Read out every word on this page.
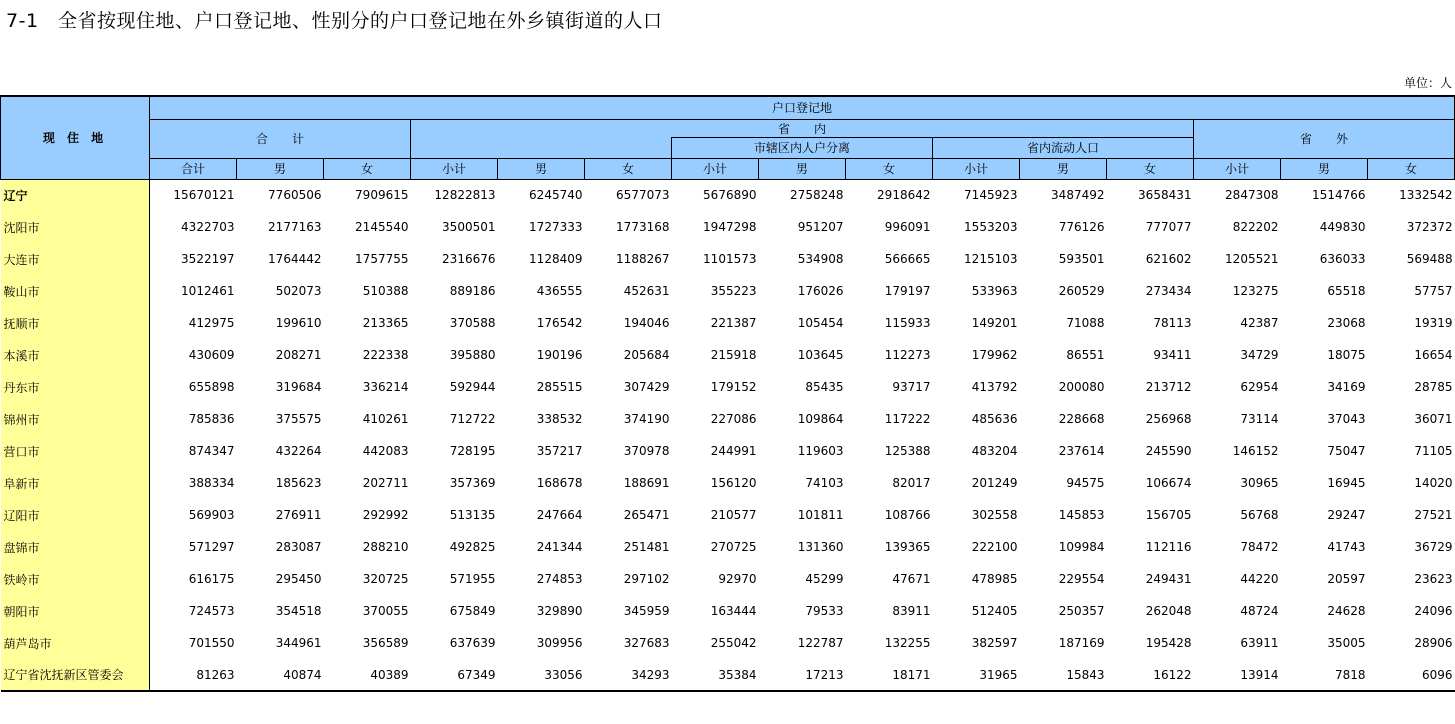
7-1　全省按现住地、户口登记地、性别分的户口登记地在外乡镇街道的人口
单位：人
现 住 地	户口登记地														
	合　　计			省　　内									省　　外		
							市辖区内人户分离			省内流动人口					
	合计	男	女	小计	男	女	小计	男	女	小计	男	女	小计	男	女
辽宁	15670121	7760506	7909615	12822813	6245740	6577073	5676890	2758248	2918642	7145923	3487492	3658431	2847308	1514766	1332542
沈阳市	4322703	2177163	2145540	3500501	1727333	1773168	1947298	951207	996091	1553203	776126	777077	822202	449830	372372
大连市	3522197	1764442	1757755	2316676	1128409	1188267	1101573	534908	566665	1215103	593501	621602	1205521	636033	569488
鞍山市	1012461	502073	510388	889186	436555	452631	355223	176026	179197	533963	260529	273434	123275	65518	57757
抚顺市	412975	199610	213365	370588	176542	194046	221387	105454	115933	149201	71088	78113	42387	23068	19319
本溪市	430609	208271	222338	395880	190196	205684	215918	103645	112273	179962	86551	93411	34729	18075	16654
丹东市	655898	319684	336214	592944	285515	307429	179152	85435	93717	413792	200080	213712	62954	34169	28785
锦州市	785836	375575	410261	712722	338532	374190	227086	109864	117222	485636	228668	256968	73114	37043	36071
营口市	874347	432264	442083	728195	357217	370978	244991	119603	125388	483204	237614	245590	146152	75047	71105
阜新市	388334	185623	202711	357369	168678	188691	156120	74103	82017	201249	94575	106674	30965	16945	14020
辽阳市	569903	276911	292992	513135	247664	265471	210577	101811	108766	302558	145853	156705	56768	29247	27521
盘锦市	571297	283087	288210	492825	241344	251481	270725	131360	139365	222100	109984	112116	78472	41743	36729
铁岭市	616175	295450	320725	571955	274853	297102	92970	45299	47671	478985	229554	249431	44220	20597	23623
朝阳市	724573	354518	370055	675849	329890	345959	163444	79533	83911	512405	250357	262048	48724	24628	24096
葫芦岛市	701550	344961	356589	637639	309956	327683	255042	122787	132255	382597	187169	195428	63911	35005	28906
辽宁省沈抚新区管委会	81263	40874	40389	67349	33056	34293	35384	17213	18171	31965	15843	16122	13914	7818	6096
